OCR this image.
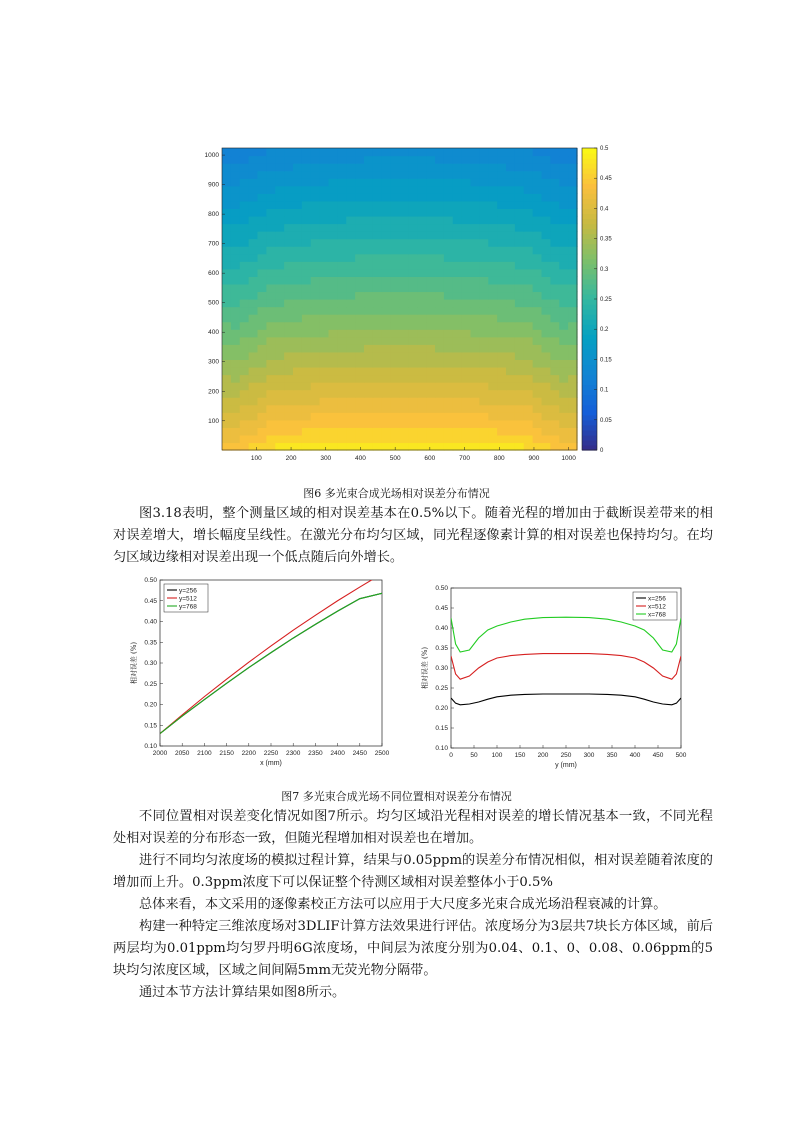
100	200	300	400	500	600	700	800	900	1000
100
200
300
400
500
600
700
800
900
1000
0
0.05
0.1
0.15
0.2
0.25
0.3
0.35
0.4
0.45
0.5
图6 多光束合成光场相对误差分布情况

图3.18表明，整个测量区域的相对误差基本在0.5%以下。随着光程的增加由于截断误差带来的相对误差增大，增长幅度呈线性。在激光分布均匀区域，同光程逐像素计算的相对误差也保持均匀。在均匀区域边缘相对误差出现一个低点随后向外增长。

2000 2050 2100 2150 2200 2250 2300 2350 2400 2450 2500
0.10
0.15
0.20
0.25
0.30
0.35
0.40
0.45
0.50
x (mm)
相对误差 (%)
y=256
y=512
y=768
0	50 100 150 200 250 300 350 400 450 500
0.10
0.15
0.20
0.25
0.30
0.35
0.40
0.45
0.50
y (mm)
相对误差 (%)
x=256
x=512
x=768
图7 多光束合成光场不同位置相对误差分布情况

不同位置相对误差变化情况如图7所示。均匀区域沿光程相对误差的增长情况基本一致，不同光程处相对误差的分布形态一致，但随光程增加相对误差也在增加。

进行不同均匀浓度场的模拟过程计算，结果与0.05ppm的误差分布情况相似，相对误差随着浓度的增加而上升。0.3ppm浓度下可以保证整个待测区域相对误差整体小于0.5%

总体来看，本文采用的逐像素校正方法可以应用于大尺度多光束合成光场沿程衰减的计算。

构建一种特定三维浓度场对3DLIF计算方法效果进行评估。浓度场分为3层共7块长方体区域，前后两层均为0.01ppm均匀罗丹明6G浓度场，中间层为浓度分别为0.04、0.1、0、0.08、0.06ppm的5块均匀浓度区域，区域之间间隔5mm无荧光物分隔带。

通过本节方法计算结果如图8所示。
